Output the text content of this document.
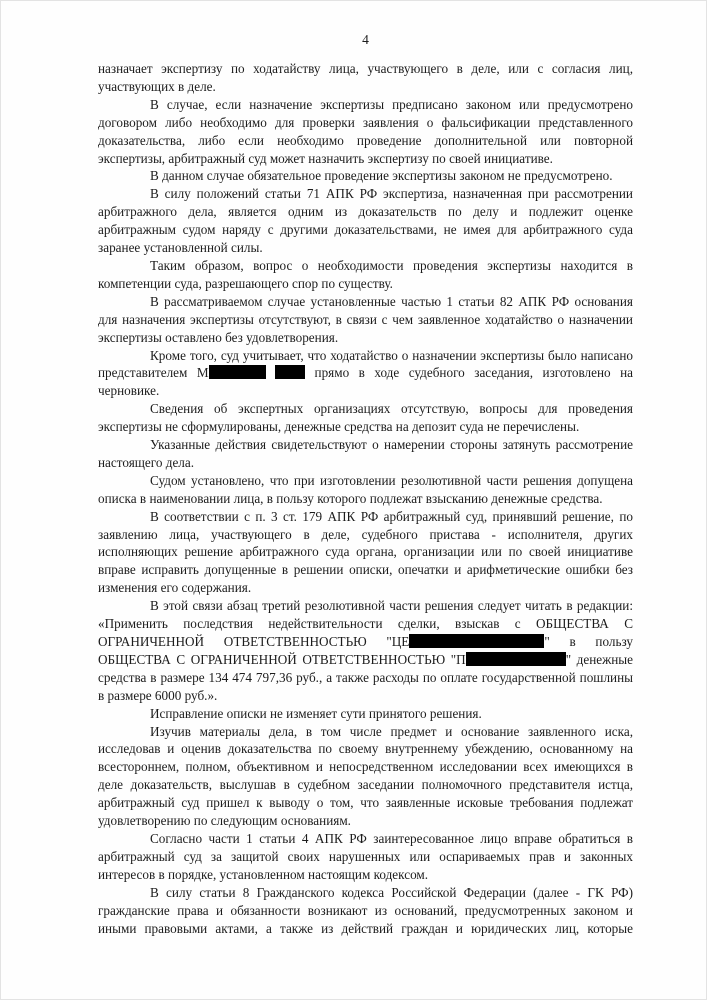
4

назначает экспертизу по ходатайству лица, участвующего в деле, или с согласия лиц, участвующих в деле.

В случае, если назначение экспертизы предписано законом или предусмотрено договором либо необходимо для проверки заявления о фальсификации представленного доказательства, либо если необходимо проведение дополнительной или повторной экспертизы, арбитражный суд может назначить экспертизу по своей инициативе.

В данном случае обязательное проведение экспертизы законом не предусмотрено.

В силу положений статьи 71 АПК РФ экспертиза, назначенная при рассмотрении арбитражного дела, является одним из доказательств по делу и подлежит оценке арбитражным судом наряду с другими доказательствами, не имея для арбитражного суда заранее установленной силы.

Таким образом, вопрос о необходимости проведения экспертизы находится в компетенции суда, разрешающего спор по существу.

В рассматриваемом случае установленные частью 1 статьи 82 АПК РФ основания для назначения экспертизы отсутствуют, в связи с чем заявленное ходатайство о назначении экспертизы оставлено без удовлетворения.

Кроме того, суд учитывает, что ходатайство о назначении экспертизы было написано представителем М	прямо в ходе судебного заседания, изготовлено на черновике.

Сведения об экспертных организациях отсутствую, вопросы для проведения экспертизы не сформулированы, денежные средства на депозит суда не перечислены.

Указанные действия свидетельствуют о намерении стороны затянуть рассмотрение настоящего дела.

Судом установлено, что при изготовлении резолютивной части решения допущена описка в наименовании лица, в пользу которого подлежат взысканию денежные средства.

В соответствии с п. 3 ст. 179 АПК РФ арбитражный суд, принявший решение, по заявлению лица, участвующего в деле, судебного пристава - исполнителя, других исполняющих решение арбитражного суда органа, организации или по своей инициативе вправе исправить допущенные в решении описки, опечатки и арифметические ошибки без изменения его содержания.

В этой связи абзац третий резолютивной части решения следует читать в редакции: «Применить последствия недействительности сделки, взыскав с ОБЩЕСТВА С ОГРАНИЧЕННОЙ ОТВЕТСТВЕННОСТЬЮ "ЦЕ	" в пользу ОБЩЕСТВА С ОГРАНИЧЕННОЙ ОТВЕТСТВЕННОСТЬЮ "П	" денежные средства в размере 134 474 797,36 руб., а также расходы по оплате государственной пошлины в размере 6000 руб.».

Исправление описки не изменяет сути принятого решения.

Изучив материалы дела, в том числе предмет и основание заявленного иска, исследовав и оценив доказательства по своему внутреннему убеждению, основанному на всестороннем, полном, объективном и непосредственном исследовании всех имеющихся в деле доказательств, выслушав в судебном заседании полномочного представителя истца, арбитражный суд пришел к выводу о том, что заявленные исковые требования подлежат удовлетворению по следующим основаниям.

Согласно части 1 статьи 4 АПК РФ заинтересованное лицо вправе обратиться в арбитражный суд за защитой своих нарушенных или оспариваемых прав и законных интересов в порядке, установленном настоящим кодексом.

В силу статьи 8 Гражданского кодекса Российской Федерации (далее - ГК РФ) гражданские права и обязанности возникают из оснований, предусмотренных законом и иными правовыми актами, а также из действий граждан и юридических лиц, которые
